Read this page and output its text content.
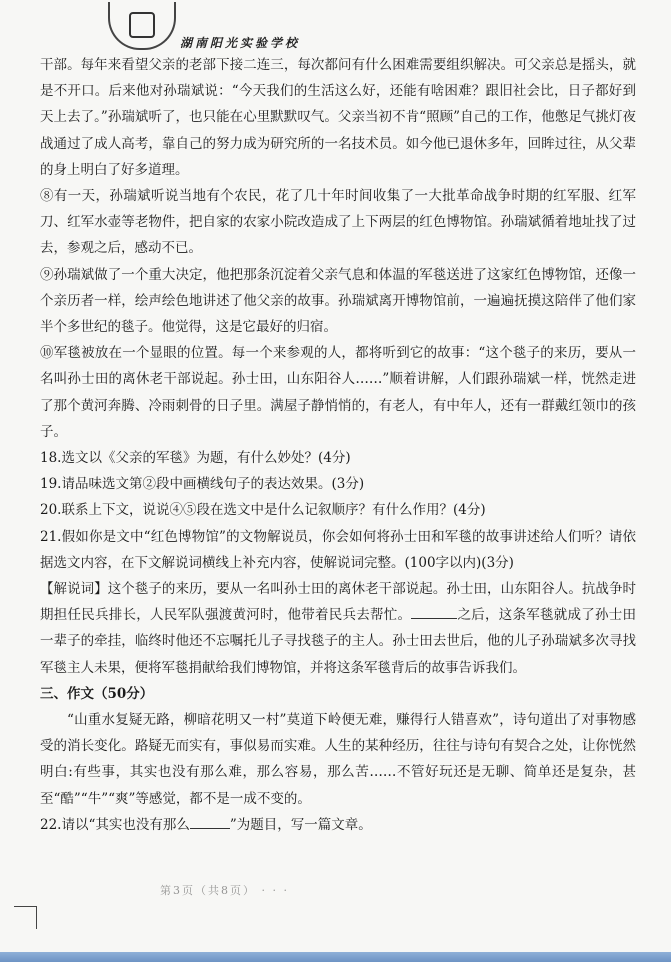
湖南阳光实验学校

干部。每年来看望父亲的老部下接二连三，每次都问有什么困难需要组织解决。可父亲总是摇头，就是不开口。后来他对孙瑞斌说：“今天我们的生活这么好，还能有啥困难？跟旧社会比，日子都好到天上去了。”孙瑞斌听了，也只能在心里默默叹气。父亲当初不肯“照顾”自己的工作，他憋足气挑灯夜战通过了成人高考，靠自己的努力成为研究所的一名技术员。如今他已退休多年，回眸过往，从父辈的身上明白了好多道理。

⑧有一天，孙瑞斌听说当地有个农民，花了几十年时间收集了一大批革命战争时期的红军服、红军刀、红军水壶等老物件，把自家的农家小院改造成了上下两层的红色博物馆。孙瑞斌循着地址找了过去，参观之后，感动不已。

⑨孙瑞斌做了一个重大决定，他把那条沉淀着父亲气息和体温的军毯送进了这家红色博物馆，还像一个亲历者一样，绘声绘色地讲述了他父亲的故事。孙瑞斌离开博物馆前，一遍遍抚摸这陪伴了他们家半个多世纪的毯子。他觉得，这是它最好的归宿。

⑩军毯被放在一个显眼的位置。每一个来参观的人，都将听到它的故事：“这个毯子的来历，要从一名叫孙士田的离休老干部说起。孙士田，山东阳谷人……”顺着讲解，人们跟孙瑞斌一样，恍然走进了那个黄河奔腾、冷雨刺骨的日子里。满屋子静悄悄的，有老人，有中年人，还有一群戴红领巾的孩子。

18.选文以《父亲的军毯》为题，有什么妙处？(4分)

19.请品味选文第②段中画横线句子的表达效果。(3分)

20.联系上下文，说说④⑤段在选文中是什么记叙顺序？有什么作用？(4分)

21.假如你是文中“红色博物馆”的文物解说员，你会如何将孙士田和军毯的故事讲述给人们听？请依据选文内容，在下文解说词横线上补充内容，使解说词完整。(100字以内)(3分)

【解说词】这个毯子的来历，要从一名叫孙士田的离休老干部说起。孙士田，山东阳谷人。抗战争时期担任民兵排长，人民军队强渡黄河时，他带着民兵去帮忙。	之后，这条军毯就成了孙士田一辈子的牵挂，临终时他还不忘嘱托儿子寻找毯子的主人。孙士田去世后，他的儿子孙瑞斌多次寻找军毯主人未果，便将军毯捐献给我们博物馆，并将这条军毯背后的故事告诉我们。

三、作文（50分）

“山重水复疑无路，柳暗花明又一村”莫道下岭便无难，赚得行人错喜欢”，诗句道出了对事物感受的消长变化。路疑无而实有，事似易而实难。人生的某种经历，往往与诗句有契合之处，让你恍然明白:有些事，其实也没有那么难，那么容易，那么苦……不管好玩还是无聊、简单还是复杂，甚至“酷”“牛”“爽”等感觉，都不是一成不变的。

22.请以“其实也没有那么	”为题目，写一篇文章。

第3页（共8页） · · ·
